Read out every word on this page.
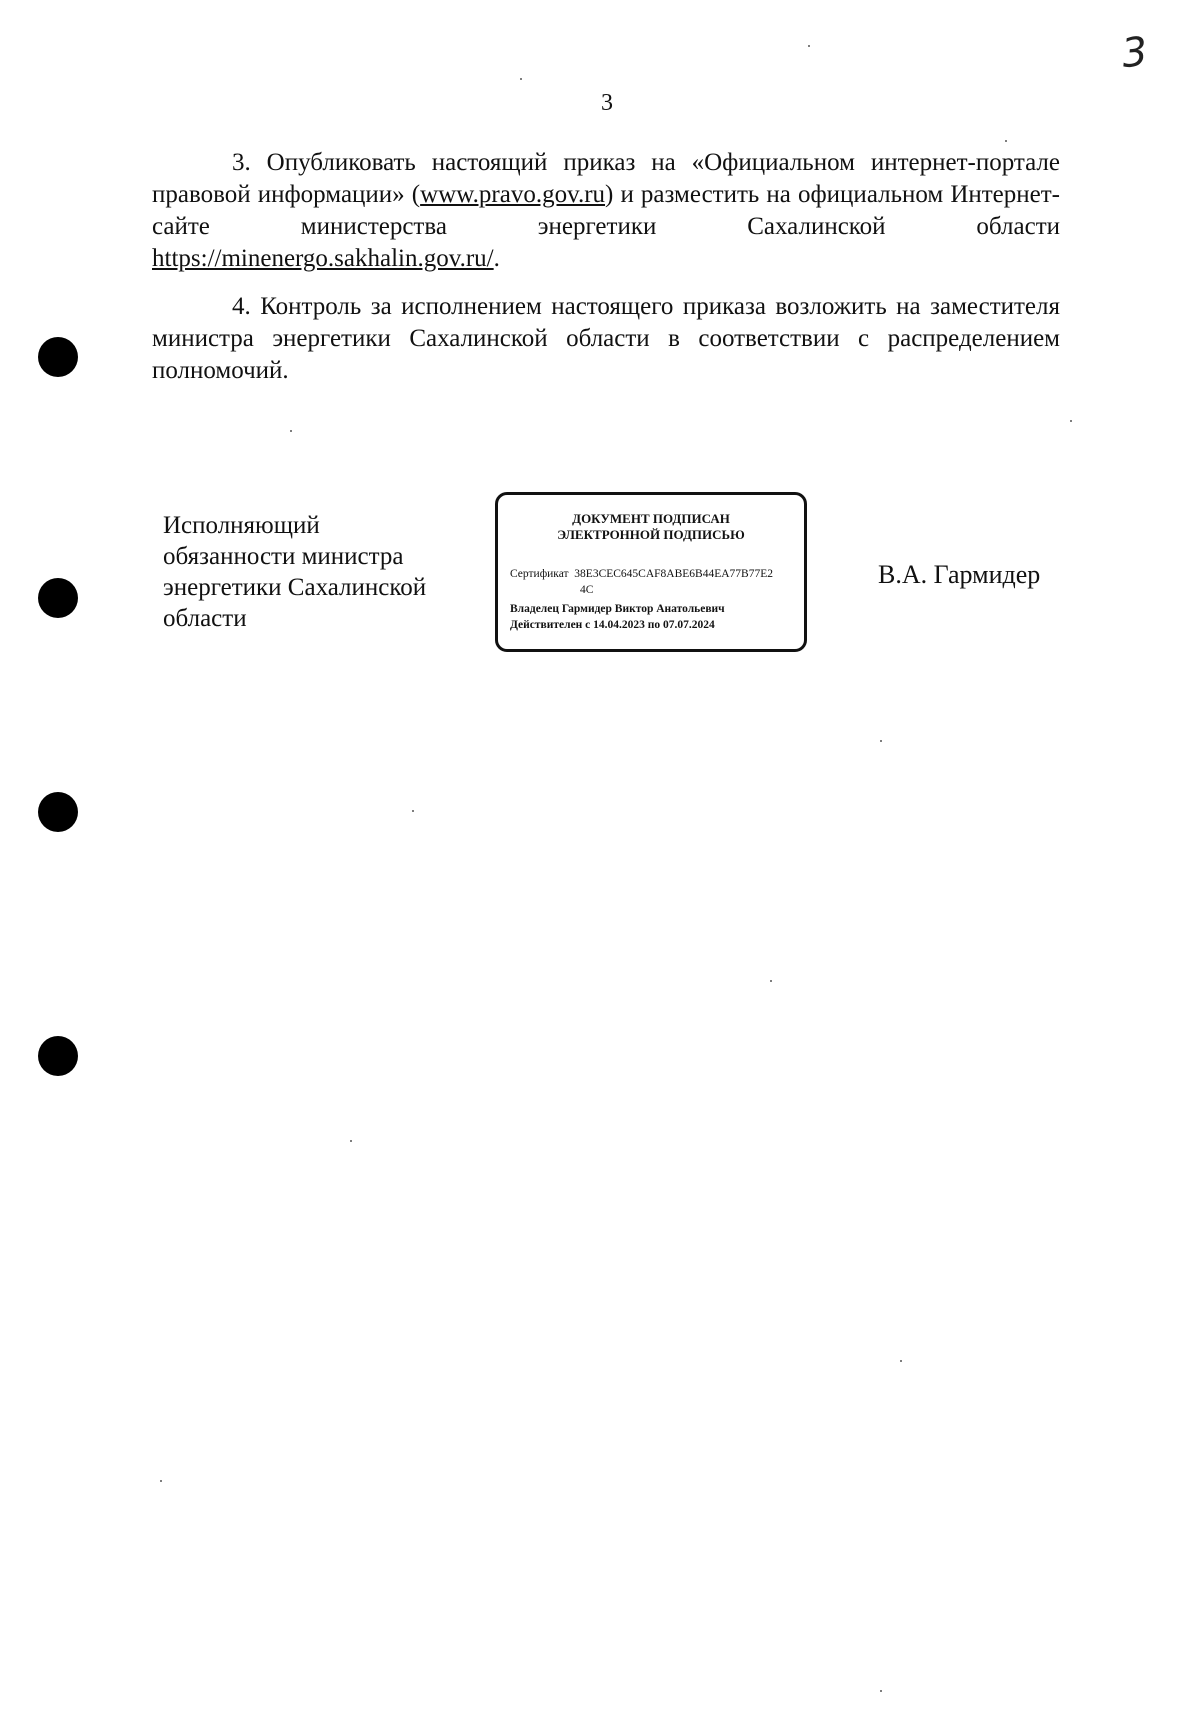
3
3
3. Опубликовать настоящий приказ на «Официальном интернет-портале правовой информации» (www.pravo.gov.ru) и разместить на официальном Интернет-сайте министерства энергетики Сахалинской области https://minenergo.sakhalin.gov.ru/.
4. Контроль за исполнением настоящего приказа возложить на заместителя министра энергетики Сахалинской области в соответствии с распределением полномочий.
Исполняющий
обязанности министра
энергетики Сахалинской
области
ДОКУМЕНТ ПОДПИСАН
ЭЛЕКТРОННОЙ ПОДПИСЬЮ
Сертификат 38E3CEC645CAF8ABE6B44EA77B77E2
4C
Владелец Гармидер Виктор Анатольевич
Действителен с 14.04.2023 по 07.07.2024
В.А. Гармидер
